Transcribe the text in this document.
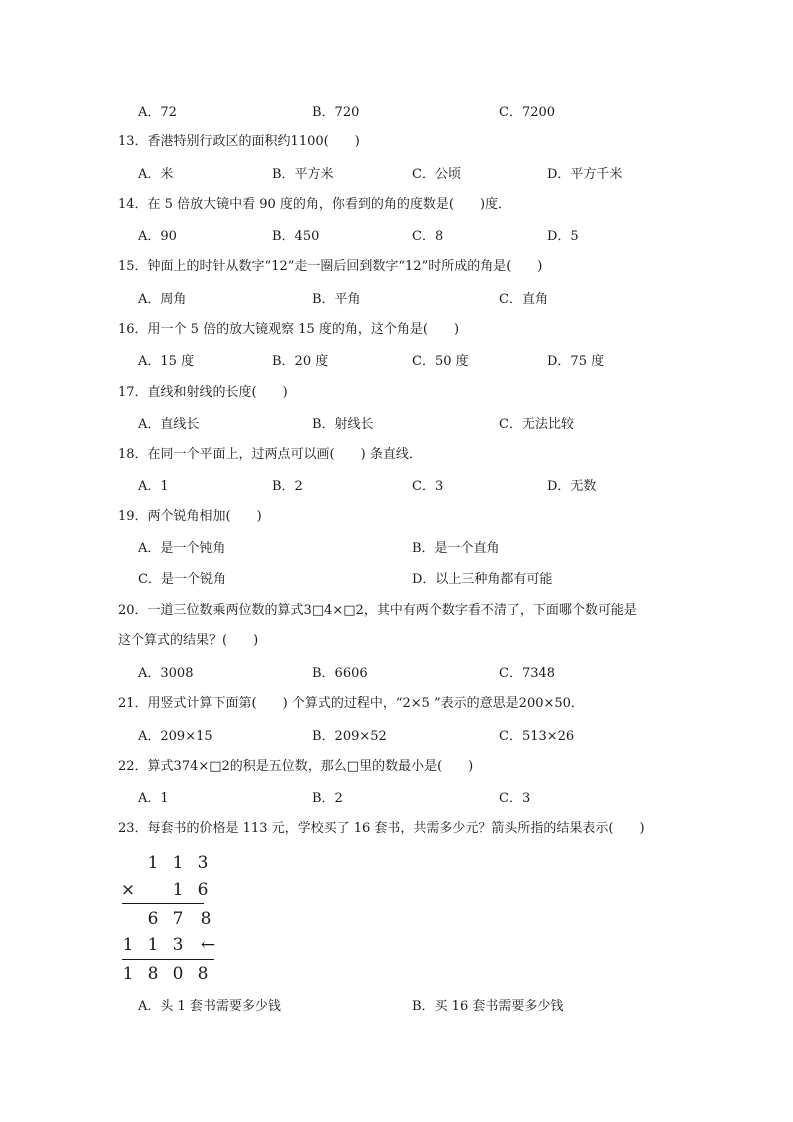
A．72	B．720	C．7200
13．香港特别行政区的面积约1100(　　)
A．米	B．平方米	C．公顷	D．平方千米
14．在 5 倍放大镜中看 90 度的角，你看到的角的度数是(　　)度．
A．90	B．450	C．8	D．5
15．钟面上的时针从数字“12”走一圈后回到数字“12”时所成的角是(　　)
A．周角	B．平角	C．直角
16．用一个 5 倍的放大镜观察 15 度的角，这个角是(　　)
A．15 度	B．20 度	C．50 度	D．75 度
17．直线和射线的长度(　　)
A．直线长	B．射线长	C．无法比较
18．在同一个平面上，过两点可以画(　　) 条直线．
A．1	B．2	C．3	D．无数
19．两个锐角相加(　　)
A．是一个钝角	B．是一个直角
C．是一个锐角	D．以上三种角都有可能
20．一道三位数乘两位数的算式3□4×□2，其中有两个数字看不清了，下面哪个数可能是
这个算式的结果？(　　)
A．3008	B．6606	C．7348
21．用竖式计算下面第(　　) 个算式的过程中，“2×5 ”表示的意思是200×50．
A．209×15	B．209×52	C．513×26
22．算式374×□2的积是五位数，那么□里的数最小是(　　)
A．1	B．2	C．3
23．每套书的价格是 113 元，学校买了 16 套书，共需多少元？箭头所指的结果表示(　　)
1 1 3
× 1 6
6 7 8
1 1 3 ←
1 8 0 8
A．头 1 套书需要多少钱	B．买 16 套书需要多少钱
